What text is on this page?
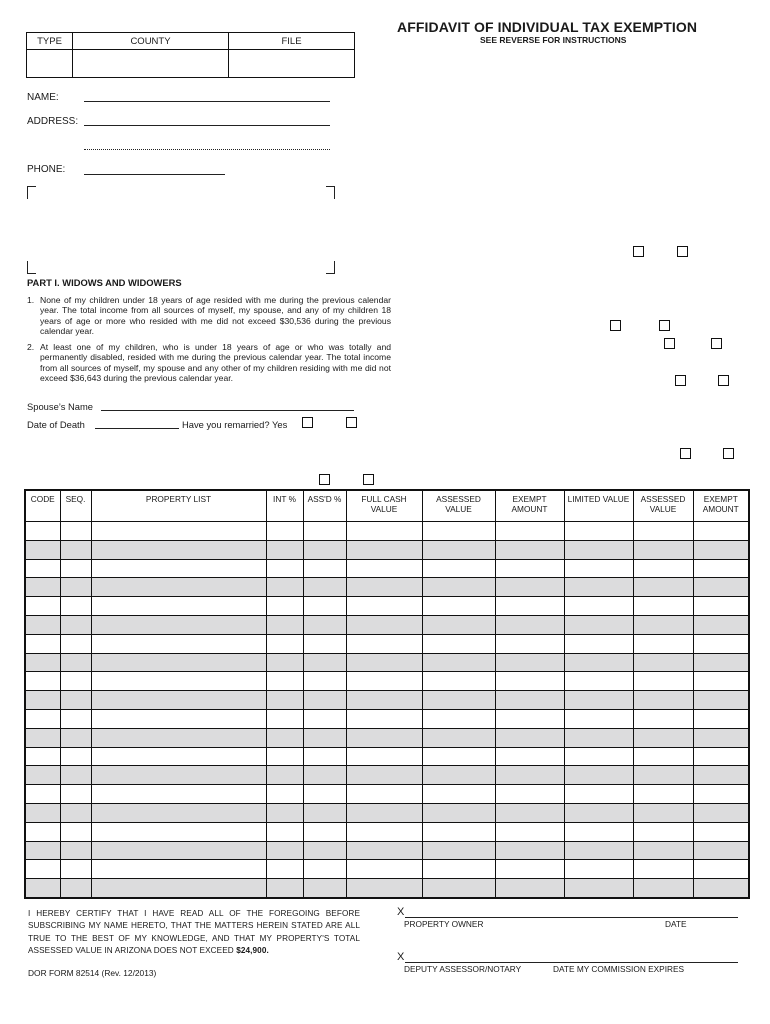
AFFIDAVIT OF INDIVIDUAL TAX EXEMPTION
SEE REVERSE FOR INSTRUCTIONS
TYPE	COUNTY	FILE

NAME:
ADDRESS:
PHONE:
PART I. WIDOWS AND WIDOWERS
1. None of my children under 18 years of age resided with me during the previous calendar year. The total income from all sources of myself, my spouse, and any of my children 18 years of age or more who resided with me did not exceed $30,536 during the previous calendar year.
2. At least one of my children, who is under 18 years of age or who was totally and permanently disabled, resided with me during the previous calendar year. The total income from all sources of myself, my spouse and any other of my children residing with me did not exceed $36,643 during the previous calendar year.
Spouse’s Name
Date of Death	Have you remarried? Yes
CODE	SEQ.	PROPERTY LIST	INT %	ASS'D %	FULL CASH VALUE	ASSESSED VALUE	EXEMPT AMOUNT	LIMITED VALUE	ASSESSED VALUE	EXEMPT AMOUNT

I HEREBY CERTIFY THAT I HAVE READ ALL OF THE FOREGOING BEFORE SUBSCRIBING MY NAME HERETO, THAT THE MATTERS HEREIN STATED ARE ALL TRUE TO THE BEST OF MY KNOWLEDGE, AND THAT MY PROPERTY'S TOTAL ASSESSED VALUE IN ARIZONA DOES NOT EXCEED $24,900.
X
PROPERTY OWNER	DATE
X
DEPUTY ASSESSOR/NOTARY	DATE MY COMMISSION EXPIRES
DOR FORM 82514 (Rev. 12/2013)
